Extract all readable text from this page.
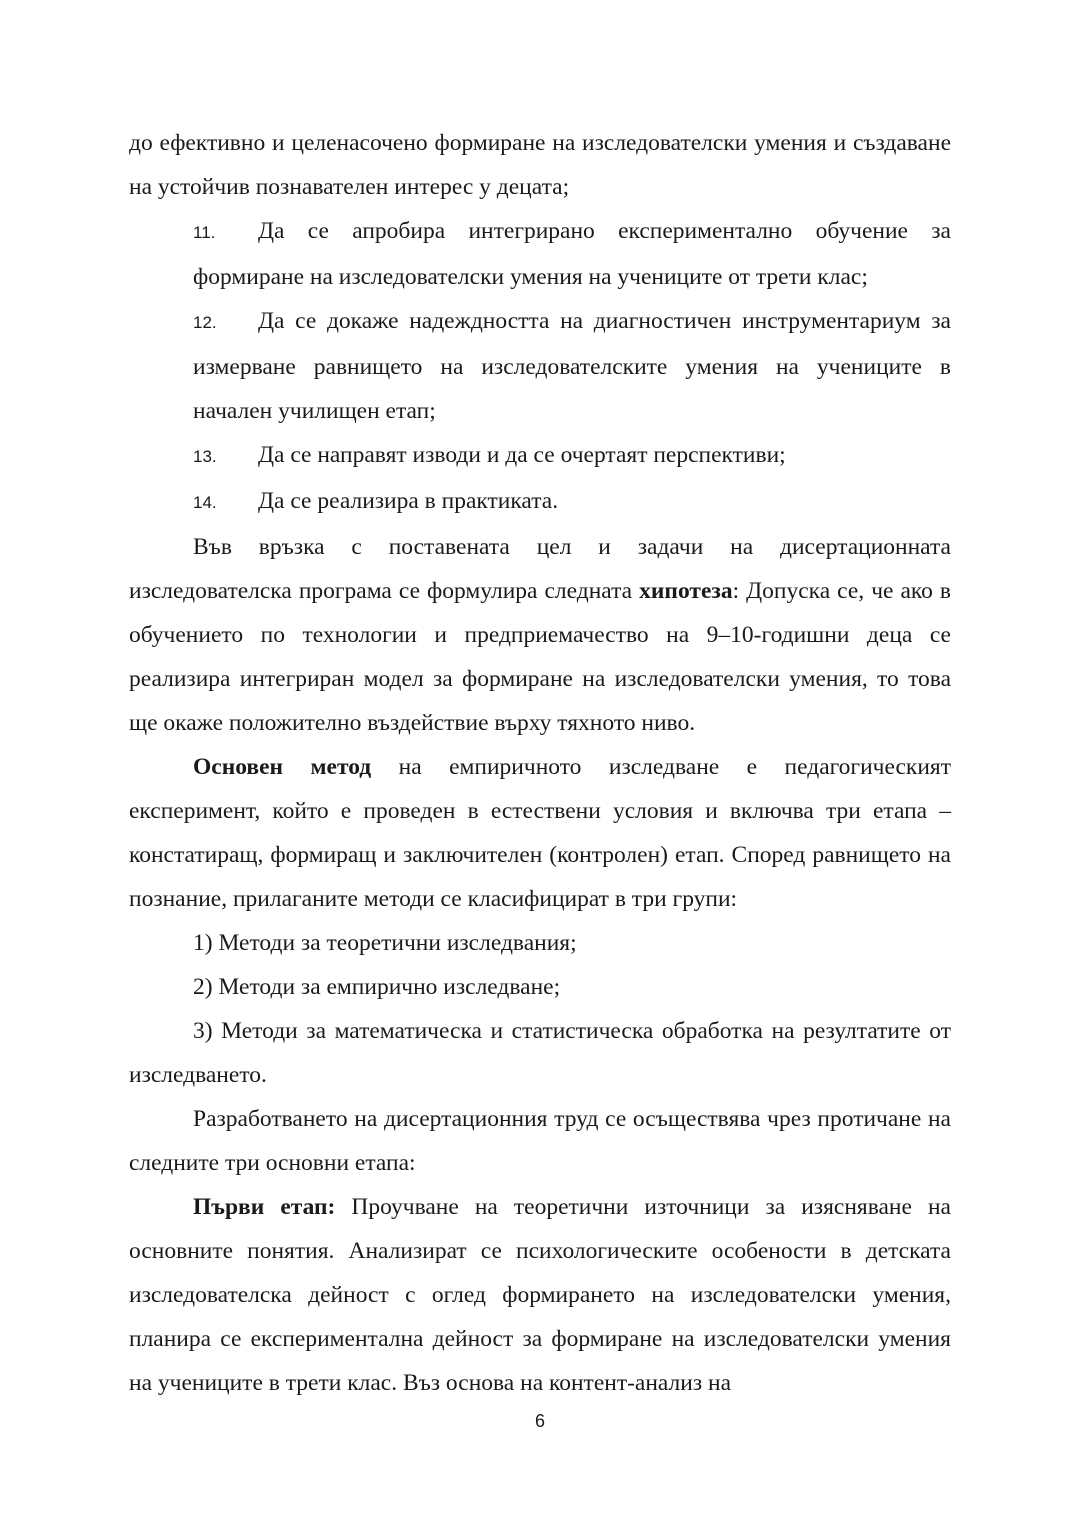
до ефективно и целенасочено формиране на изследователски умения и създаване на устойчив познавателен интерес у децата;

11. Да се апробира интегрирано експериментално обучение за формиране на изследователски умения на учениците от трети клас;

12. Да се докаже надеждността на диагностичен инструментариум за измерване равнището на изследователските умения на учениците в начален училищен етап;

13. Да се направят изводи и да се очертаят перспективи;

14. Да се реализира в практиката.

Във връзка с поставената цел и задачи на дисертационната изследователска програма се формулира следната хипотеза: Допуска се, че ако в обучението по технологии и предприемачество на 9–10-годишни деца се реализира интегриран модел за формиране на изследователски умения, то това ще окаже положително въздействие върху тяхното ниво.

Основен метод на емпиричното изследване е педагогическият експеримент, който е проведен в естествени условия и включва три етапа – констатиращ, формиращ и заключителен (контролен) етап. Според равнището на познание, прилаганите методи се класифицират в три групи:

1) Методи за теоретични изследвания;

2) Методи за емпирично изследване;

3) Методи за математическа и статистическа обработка на резултатите от изследването.

Разработването на дисертационния труд се осъществява чрез протичане на следните три основни етапа:

Първи етап: Проучване на теоретични източници за изясняване на основните понятия. Анализират се психологическите особености в детската изследователска дейност с оглед формирането на изследователски умения, планира се експериментална дейност за формиране на изследователски умения на учениците в трети клас. Въз основа на контент-анализ на

6
